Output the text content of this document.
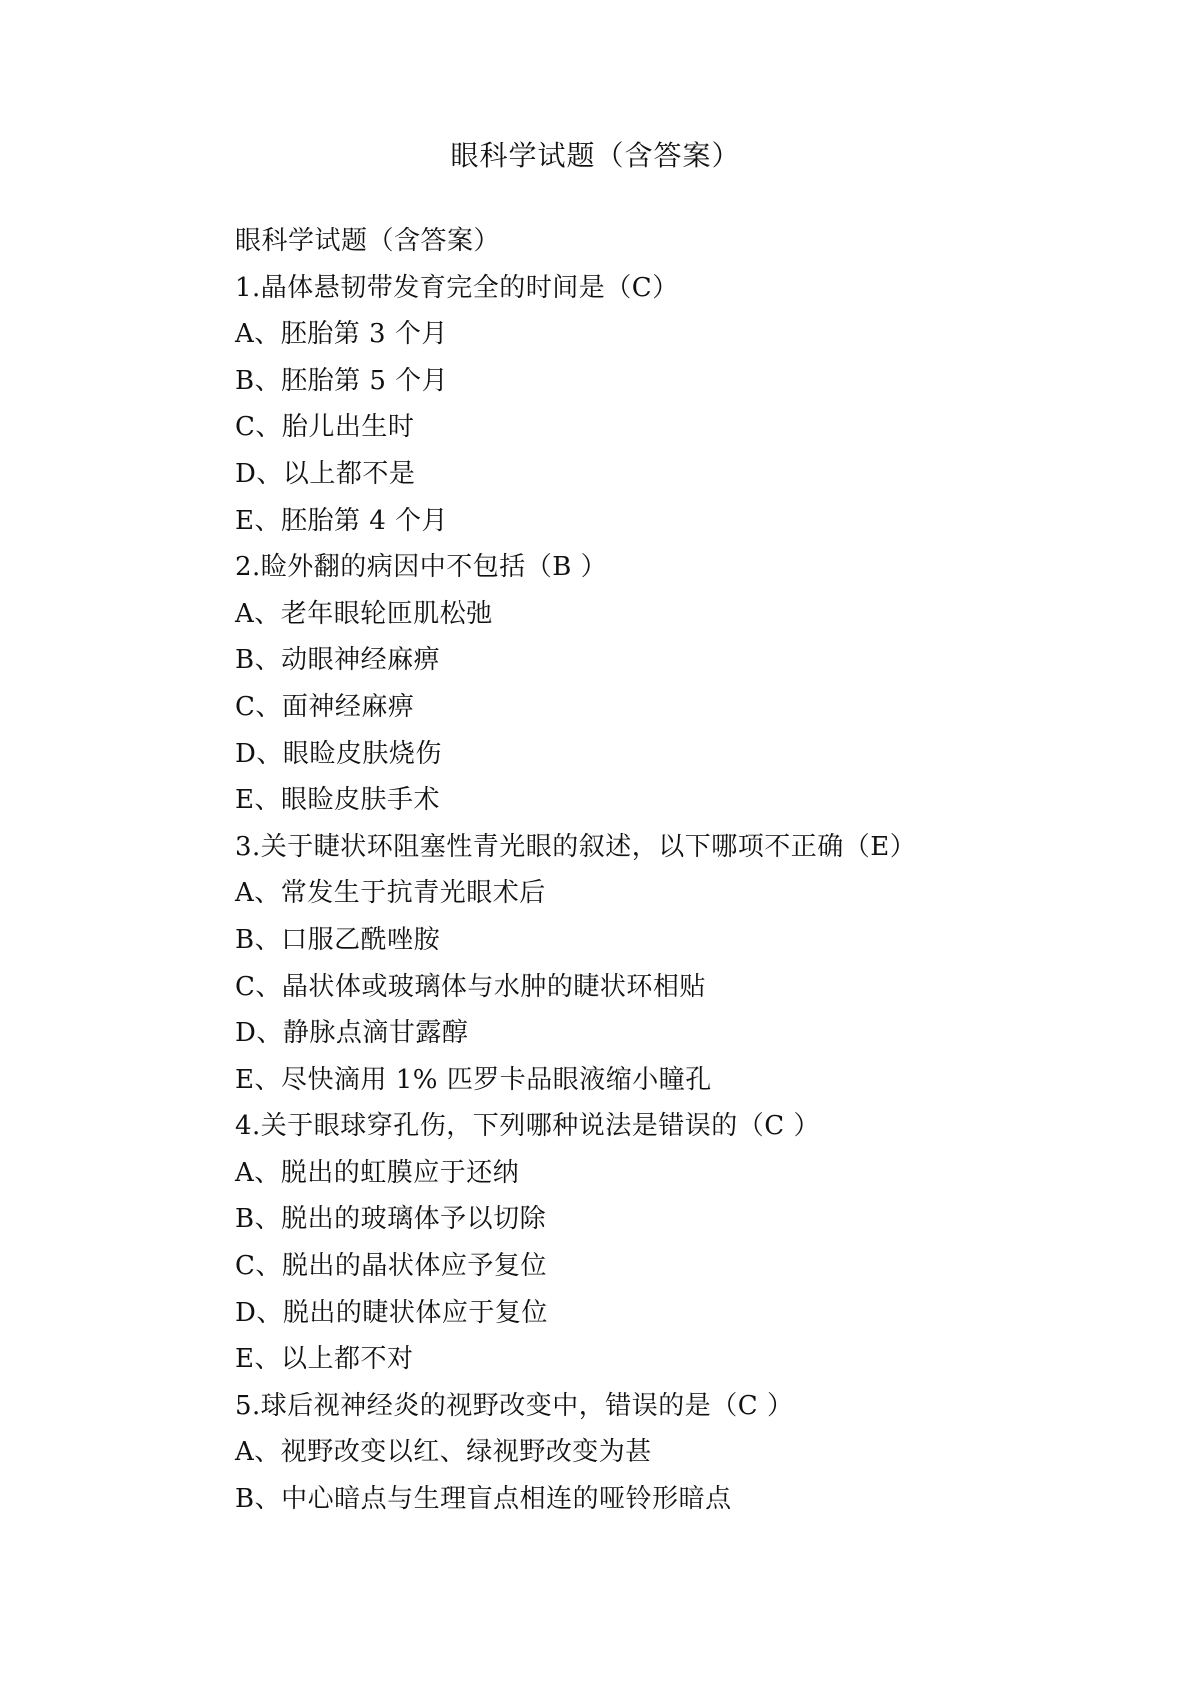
眼科学试题（含答案）
眼科学试题（含答案）
1.晶体悬韧带发育完全的时间是（C）
A、胚胎第 3 个月
B、胚胎第 5 个月
C、胎儿出生时
D、以上都不是
E、胚胎第 4 个月
2.睑外翻的病因中不包括（B ）
A、老年眼轮匝肌松弛
B、动眼神经麻痹
C、面神经麻痹
D、眼睑皮肤烧伤
E、眼睑皮肤手术
3.关于睫状环阻塞性青光眼的叙述，以下哪项不正确（E）
A、常发生于抗青光眼术后
B、口服乙酰唑胺
C、晶状体或玻璃体与水肿的睫状环相贴
D、静脉点滴甘露醇
E、尽快滴用 1% 匹罗卡品眼液缩小瞳孔
4.关于眼球穿孔伤，下列哪种说法是错误的（C ）
A、脱出的虹膜应于还纳
B、脱出的玻璃体予以切除
C、脱出的晶状体应予复位
D、脱出的睫状体应于复位
E、以上都不对
5.球后视神经炎的视野改变中，错误的是（C ）
A、视野改变以红、绿视野改变为甚
B、中心暗点与生理盲点相连的哑铃形暗点
